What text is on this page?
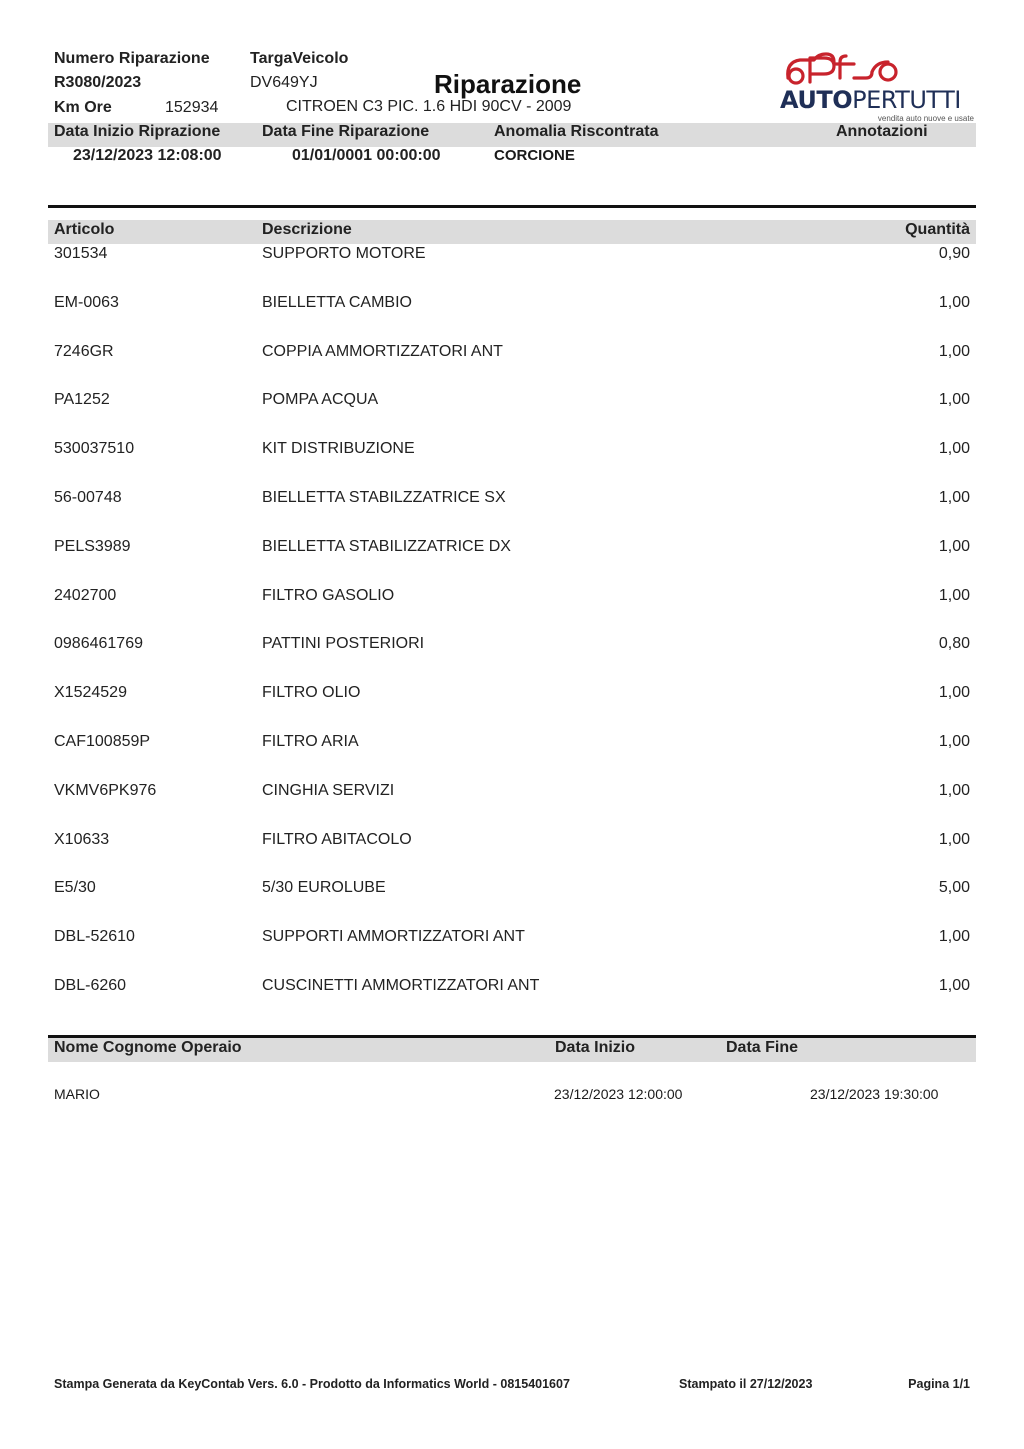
Numero Riparazione
R3080/2023
Km Ore	152934
TargaVeicolo
DV649YJ	Riparazione
CITROEN C3 PIC. 1.6 HDI 90CV - 2009	AUTOPERTUTTI
vendita auto nuove e usate
Data Inizio Riprazione	Data Fine Riparazione	Anomalia Riscontrata	Annotazioni
23/12/2023 12:08:00	01/01/0001 00:00:00	CORCIONE
Articolo	Descrizione	Quantità
301534	SUPPORTO MOTORE	0,90
EM-0063	BIELLETTA CAMBIO	1,00
7246GR	COPPIA AMMORTIZZATORI ANT	1,00
PA1252	POMPA ACQUA	1,00
530037510	KIT DISTRIBUZIONE	1,00
56-00748	BIELLETTA STABILZZATRICE SX	1,00
PELS3989	BIELLETTA STABILIZZATRICE DX	1,00
2402700	FILTRO GASOLIO	1,00
0986461769	PATTINI POSTERIORI	0,80
X1524529	FILTRO OLIO	1,00
CAF100859P	FILTRO ARIA	1,00
VKMV6PK976	CINGHIA SERVIZI	1,00
X10633	FILTRO ABITACOLO	1,00
E5/30	5/30 EUROLUBE	5,00
DBL-52610	SUPPORTI AMMORTIZZATORI ANT	1,00
DBL-6260	CUSCINETTI AMMORTIZZATORI ANT	1,00
Nome Cognome Operaio	Data Inizio	Data Fine
MARIO	23/12/2023 12:00:00	23/12/2023 19:30:00
Stampa Generata da KeyContab Vers. 6.0 - Prodotto da Informatics World - 0815401607	Stampato il 27/12/2023	Pagina 1/1
